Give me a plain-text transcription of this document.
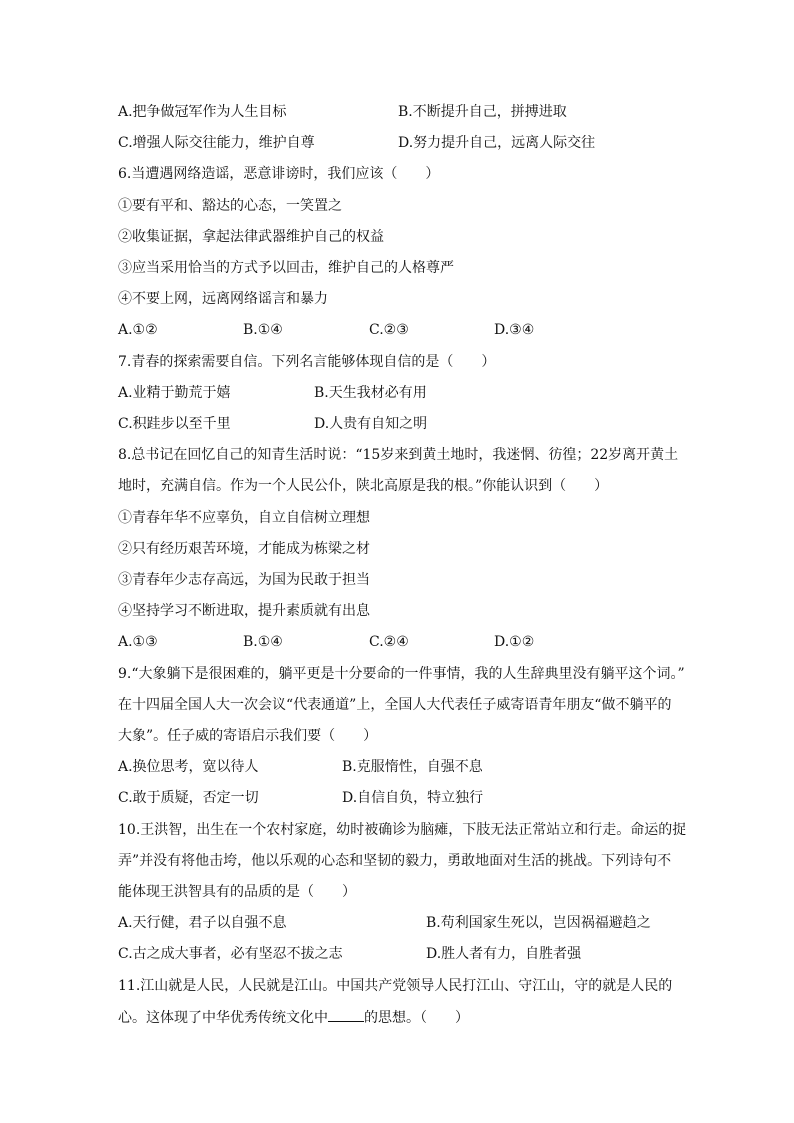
A.把争做冠军作为人生目标	B.不断提升自己，拼搏进取
C.增强人际交往能力，维护自尊	D.努力提升自己，远离人际交往
6.当遭遇网络造谣，恶意诽谤时，我们应该（　　）
①要有平和、豁达的心态，一笑置之
②收集证据，拿起法律武器维护自己的权益
③应当采用恰当的方式予以回击，维护自己的人格尊严
④不要上网，远离网络谣言和暴力
A.①②	B.①④	C.②③	D.③④
7.青春的探索需要自信。下列名言能够体现自信的是（　　）
A.业精于勤荒于嬉	B.天生我材必有用
C.积跬步以至千里	D.人贵有自知之明
8.总书记在回忆自己的知青生活时说：“15岁来到黄土地时，我迷惘、彷徨；22岁离开黄土
地时，充满自信。作为一个人民公仆，陕北高原是我的根。”你能认识到（　　）
①青春年华不应辜负，自立自信树立理想
②只有经历艰苦环境，才能成为栋梁之材
③青春年少志存高远，为国为民敢于担当
④坚持学习不断进取，提升素质就有出息
A.①③	B.①④	C.②④	D.①②
9.“大象躺下是很困难的，躺平更是十分要命的一件事情，我的人生辞典里没有躺平这个词。”
在十四届全国人大一次会议“代表通道”上，全国人大代表任子威寄语青年朋友“做不躺平的
大象”。任子威的寄语启示我们要（　　）
A.换位思考，宽以待人	B.克服惰性，自强不息
C.敢于质疑，否定一切	D.自信自负，特立独行
10.王洪智，出生在一个农村家庭，幼时被确诊为脑瘫，下肢无法正常站立和行走。命运的捉
弄”并没有将他击垮，他以乐观的心态和坚韧的毅力，勇敢地面对生活的挑战。下列诗句不
能体现王洪智具有的品质的是（　　）
A.天行健，君子以自强不息	B.苟利国家生死以，岂因祸福避趋之
C.古之成大事者，必有坚忍不拔之志	D.胜人者有力，自胜者强
11.江山就是人民，人民就是江山。中国共产党领导人民打江山、守江山，守的就是人民的
心。这体现了中华优秀传统文化中	的思想。（　　）
